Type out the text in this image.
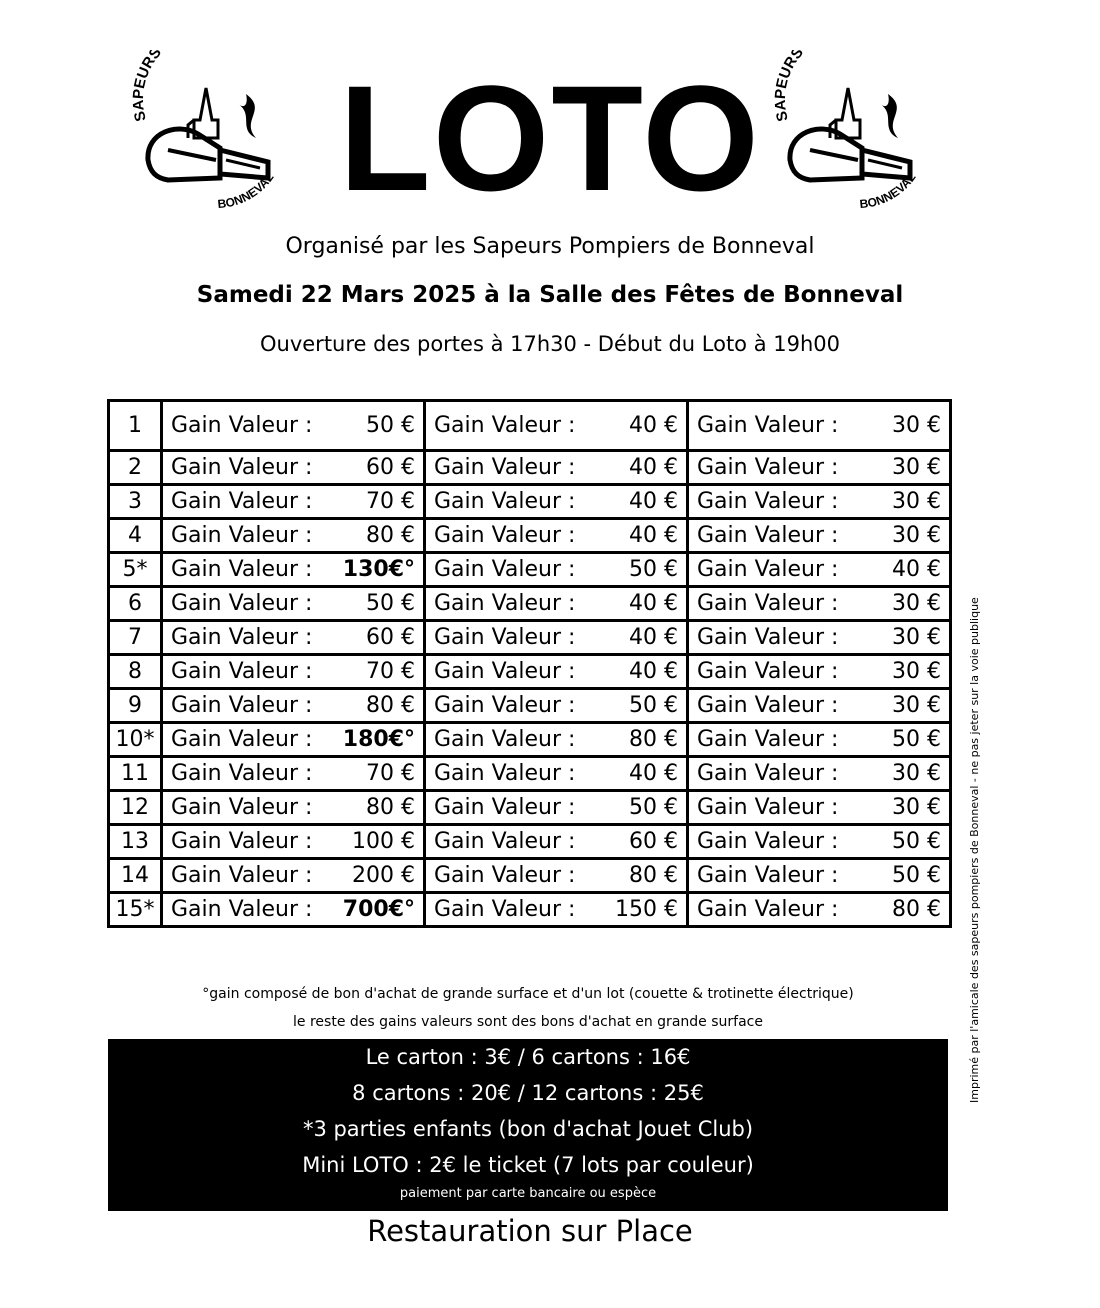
SAPEURS
BONNEVAL
SAPEURS
BONNEVAL
LOTO
Organisé par les Sapeurs Pompiers de Bonneval
Samedi 22 Mars 2025 à la Salle des Fêtes de Bonneval
Ouverture des portes à 17h30 - Début du Loto à 19h00
1	Gain Valeur : 50 €	Gain Valeur : 40 €	Gain Valeur : 30 €

2	Gain Valeur : 60 €	Gain Valeur : 40 €	Gain Valeur : 30 €

3	Gain Valeur : 70 €	Gain Valeur : 40 €	Gain Valeur : 30 €

4	Gain Valeur : 80 €	Gain Valeur : 40 €	Gain Valeur : 30 €

5*	Gain Valeur : 130€°	Gain Valeur : 50 €	Gain Valeur : 40 €

6	Gain Valeur : 50 €	Gain Valeur : 40 €	Gain Valeur : 30 €

7	Gain Valeur : 60 €	Gain Valeur : 40 €	Gain Valeur : 30 €

8	Gain Valeur : 70 €	Gain Valeur : 40 €	Gain Valeur : 30 €

9	Gain Valeur : 80 €	Gain Valeur : 50 €	Gain Valeur : 30 €

10*	Gain Valeur : 180€°	Gain Valeur : 80 €	Gain Valeur : 50 €

11	Gain Valeur : 70 €	Gain Valeur : 40 €	Gain Valeur : 30 €

12	Gain Valeur : 80 €	Gain Valeur : 50 €	Gain Valeur : 30 €

13	Gain Valeur : 100 €	Gain Valeur : 60 €	Gain Valeur : 50 €

14	Gain Valeur : 200 €	Gain Valeur : 80 €	Gain Valeur : 50 €

15*	Gain Valeur : 700€°	Gain Valeur : 150 €	Gain Valeur : 80 €
°gain composé de bon d'achat de grande surface et d'un lot (couette & trotinette électrique)
le reste des gains valeurs sont des bons d'achat en grande surface
Le carton : 3€ / 6 cartons : 16€
8 cartons : 20€ / 12 cartons : 25€
*3 parties enfants (bon d'achat Jouet Club)
Mini LOTO : 2€ le ticket (7 lots par couleur)
paiement par carte bancaire ou espèce
Restauration sur Place
Imprimé par l'amicale des sapeurs pompiers de Bonneval - ne pas jeter sur la voie publique
